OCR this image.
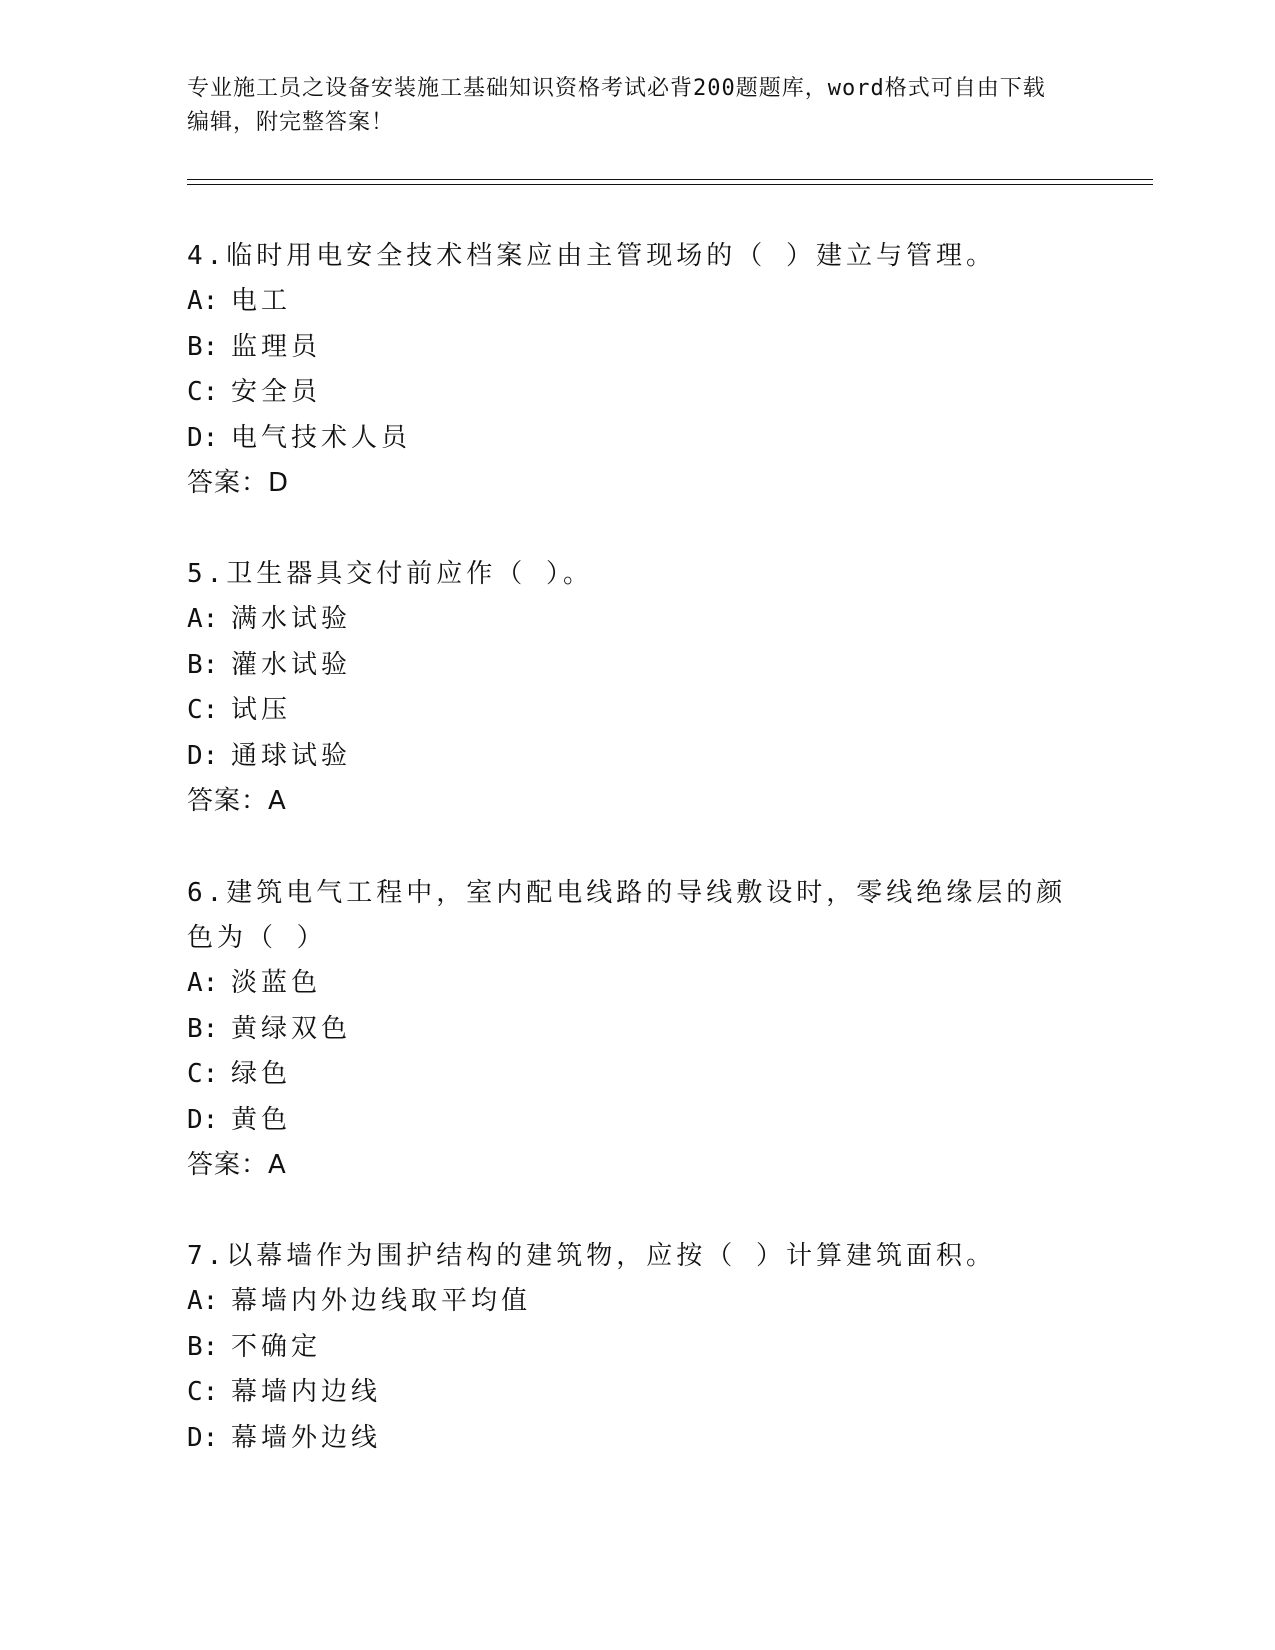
专业施工员之设备安装施工基础知识资格考试必背200题题库，word格式可自由下载编辑，附完整答案！

4.临时用电安全技术档案应由主管现场的（ ）建立与管理。

A: 电工

B: 监理员

C: 安全员

D: 电气技术人员

答案：D

5.卫生器具交付前应作（ ）。

A: 满水试验

B: 灌水试验

C: 试压

D: 通球试验

答案：A

6.建筑电气工程中，室内配电线路的导线敷设时，零线绝缘层的颜色为（ ）

A: 淡蓝色

B: 黄绿双色

C: 绿色

D: 黄色

答案：A

7.以幕墙作为围护结构的建筑物，应按（ ）计算建筑面积。

A: 幕墙内外边线取平均值

B: 不确定

C: 幕墙内边线

D: 幕墙外边线
